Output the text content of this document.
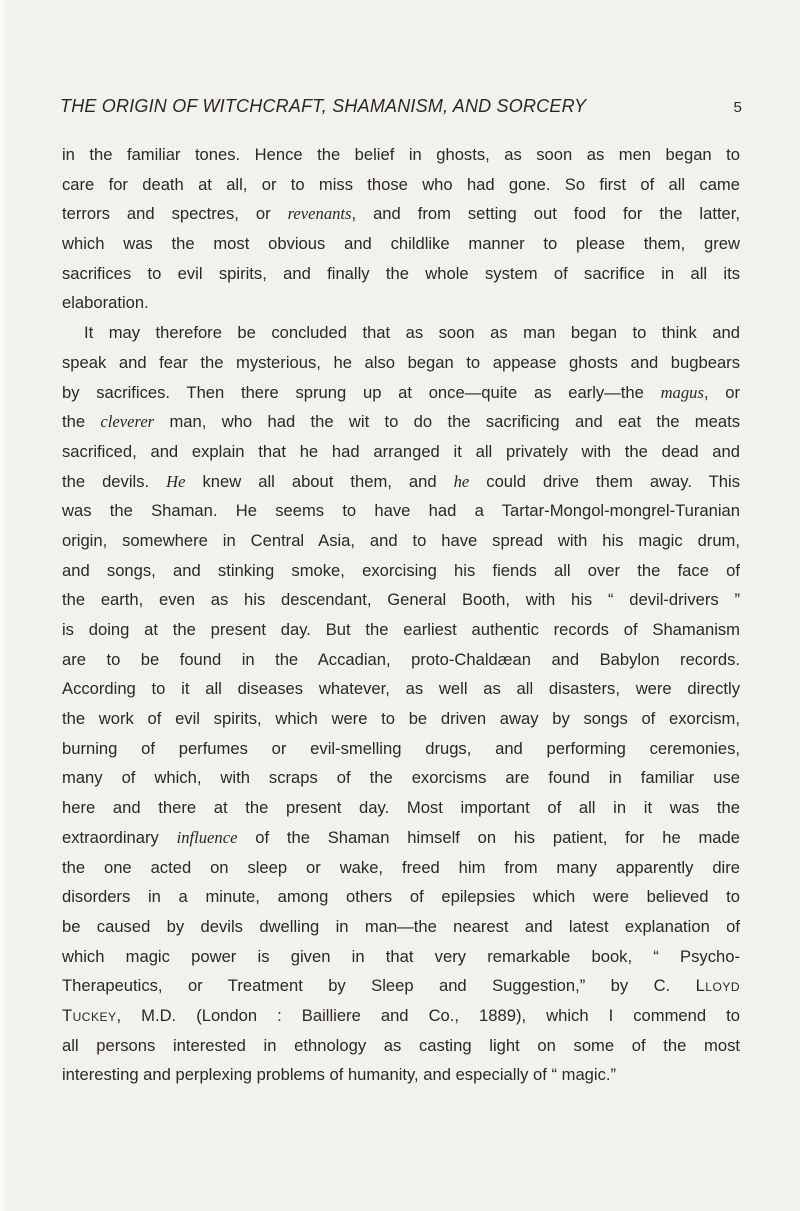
THE ORIGIN OF WITCHCRAFT, SHAMANISM, AND SORCERY	5
in the familiar tones. Hence the belief in ghosts, as soon as men began to
care for death at all, or to miss those who had gone. So first of all came
terrors and spectres, or revenants, and from setting out food for the latter,
which was the most obvious and childlike manner to please them, grew
sacrifices to evil spirits, and finally the whole system of sacrifice in all its
elaboration.
It may therefore be concluded that as soon as man began to think and
speak and fear the mysterious, he also began to appease ghosts and bugbears
by sacrifices. Then there sprung up at once—quite as early—the magus, or
the cleverer man, who had the wit to do the sacrificing and eat the meats
sacrificed, and explain that he had arranged it all privately with the dead and
the devils. He knew all about them, and he could drive them away. This
was the Shaman. He seems to have had a Tartar-Mongol-mongrel-Turanian
origin, somewhere in Central Asia, and to have spread with his magic drum,
and songs, and stinking smoke, exorcising his fiends all over the face of
the earth, even as his descendant, General Booth, with his “ devil-drivers ”
is doing at the present day. But the earliest authentic records of Shamanism
are to be found in the Accadian, proto-Chaldæan and Babylon records.
According to it all diseases whatever, as well as all disasters, were directly
the work of evil spirits, which were to be driven away by songs of exorcism,
burning of perfumes or evil-smelling drugs, and performing ceremonies,
many of which, with scraps of the exorcisms are found in familiar use
here and there at the present day. Most important of all in it was the
extraordinary influence of the Shaman himself on his patient, for he made
the one acted on sleep or wake, freed him from many apparently dire
disorders in a minute, among others of epilepsies which were believed to
be caused by devils dwelling in man—the nearest and latest explanation of
which magic power is given in that very remarkable book, “ Psycho-
Therapeutics, or Treatment by Sleep and Suggestion,” by C. Lloyd
Tuckey, M.D. (London : Bailliere and Co., 1889), which I commend to
all persons interested in ethnology as casting light on some of the most
interesting and perplexing problems of humanity, and especially of “ magic.”
